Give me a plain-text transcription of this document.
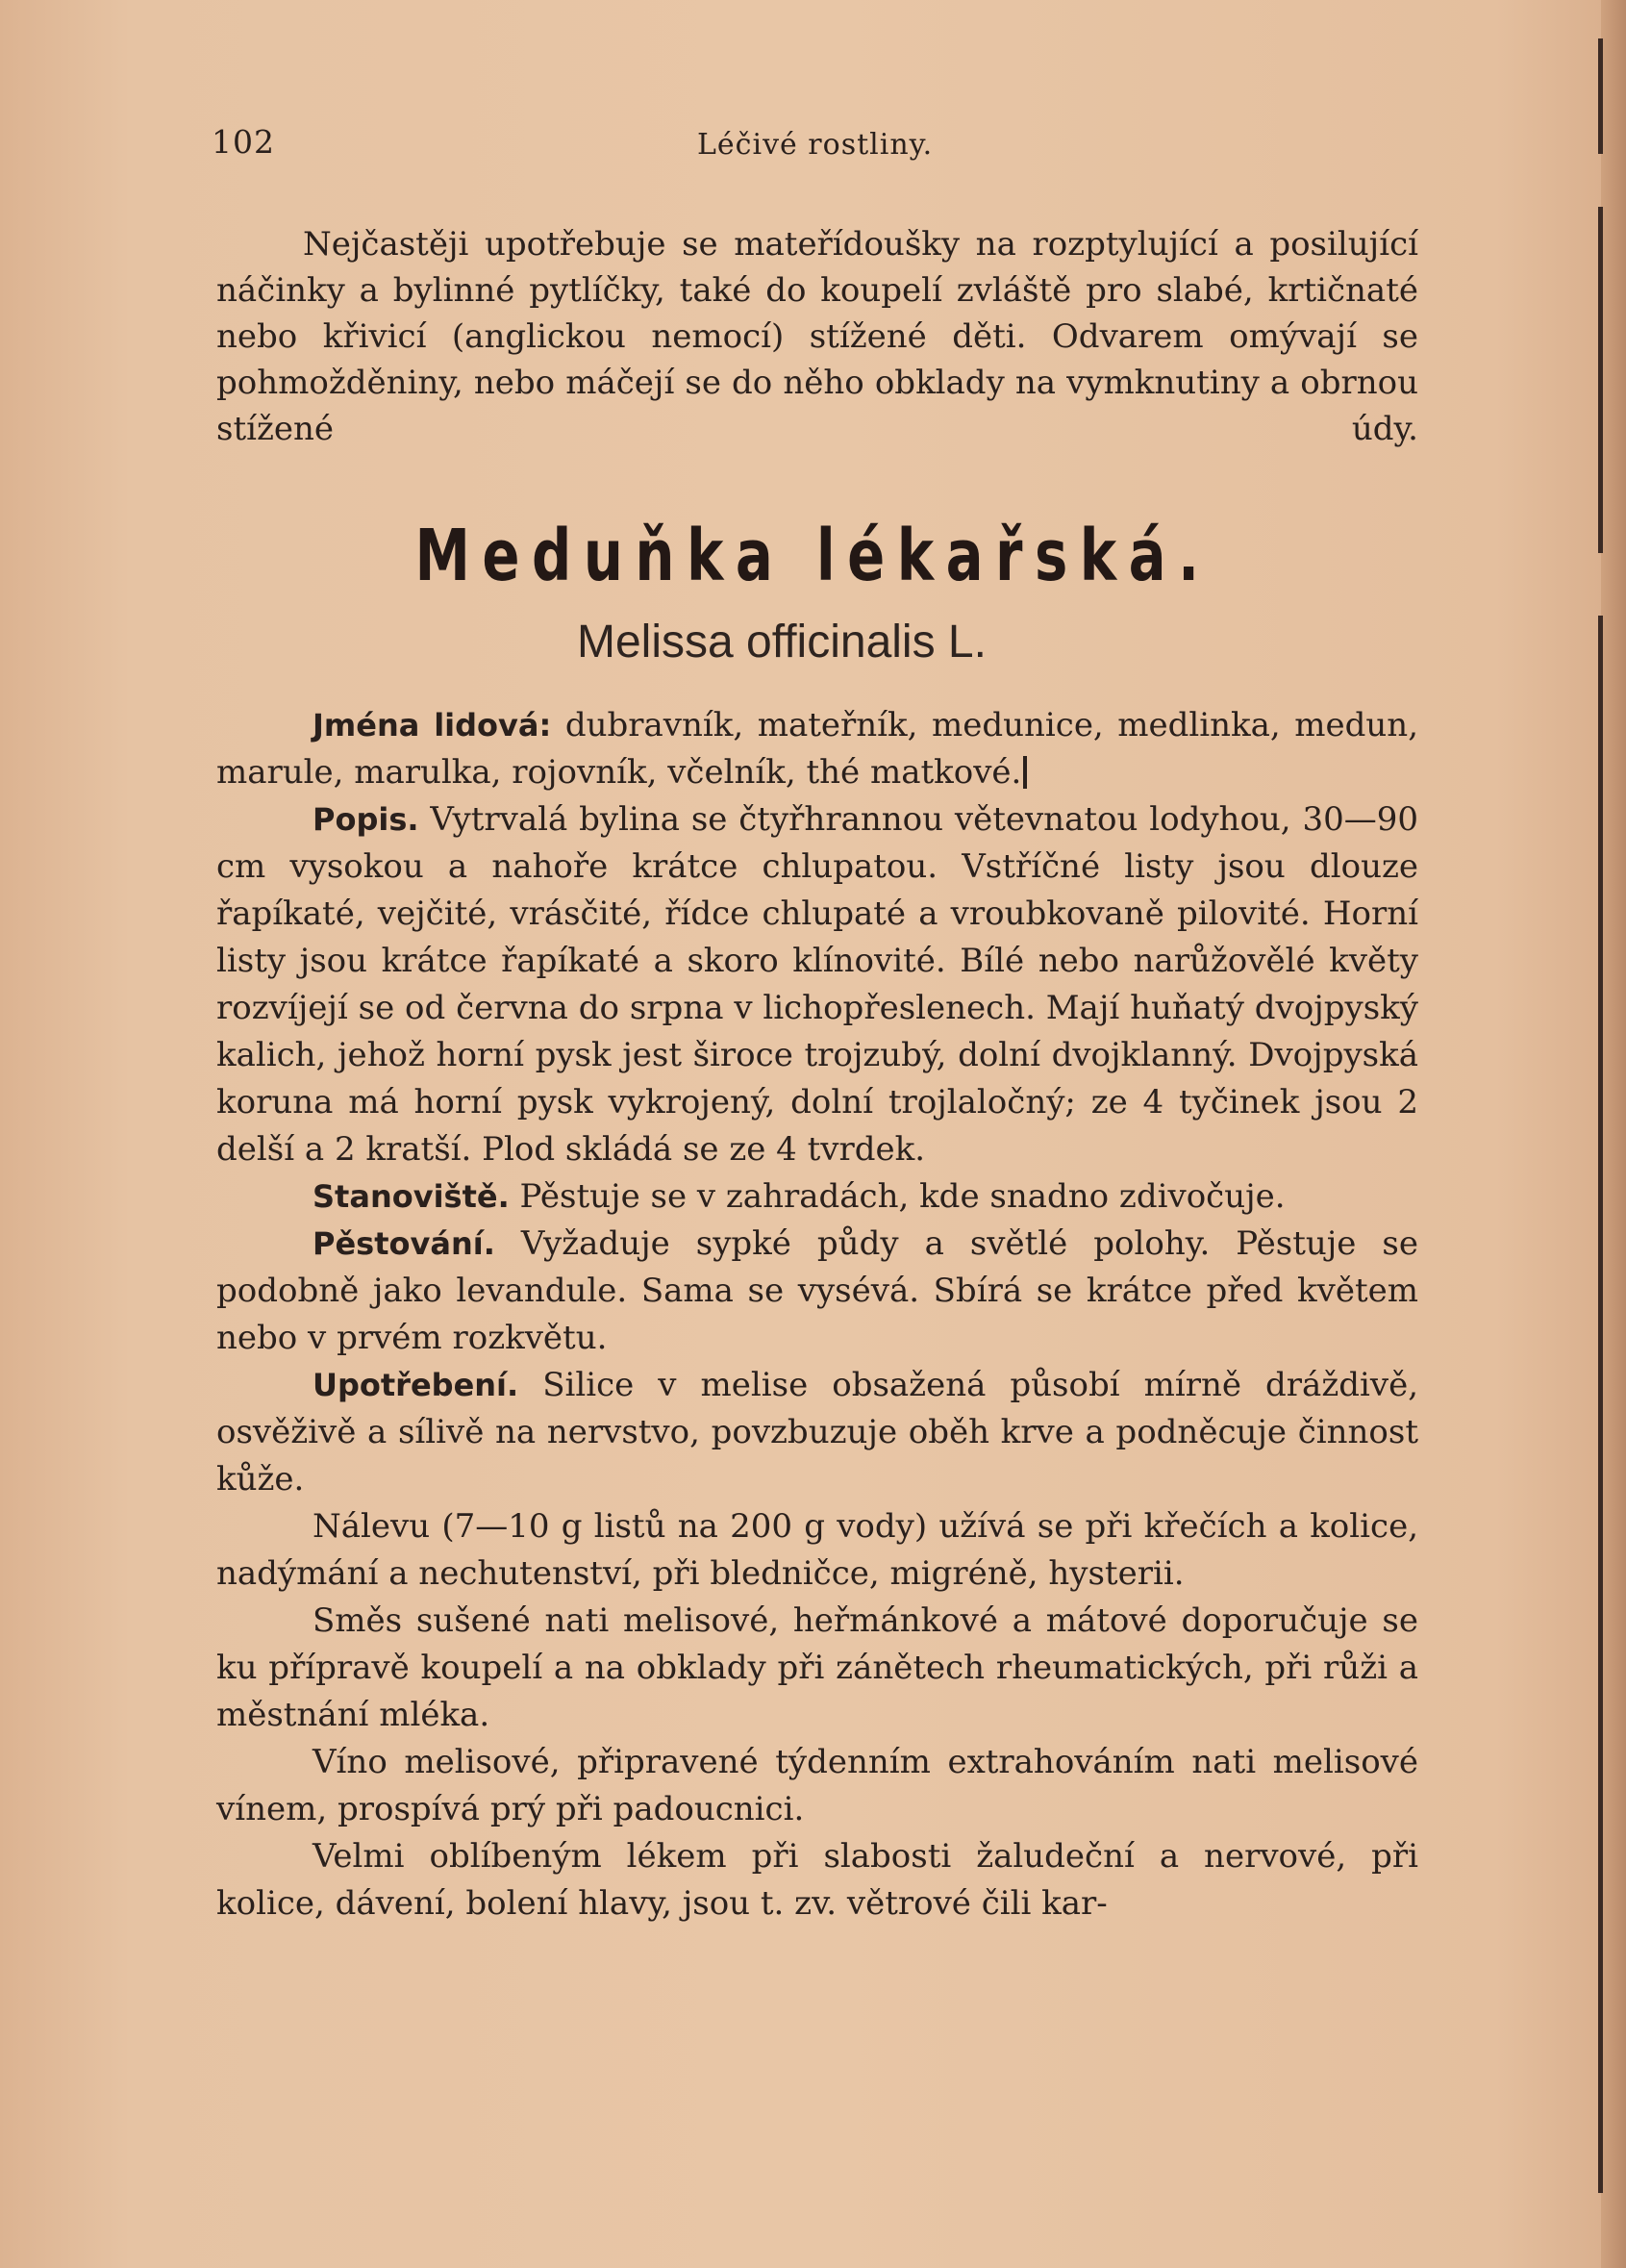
102	Léčivé rostliny.
Nejčastěji upotřebuje se mateřídoušky na rozptylující a posilující náčinky a bylinné pytlíčky, také do koupelí zvláště pro slabé, krtičnaté nebo křivicí (anglickou nemocí) stížené děti. Odvarem omývají se pohmožděniny, nebo máčejí se do něho obklady na vymknutiny a obrnou stížené údy.
Meduňka lékařská.
Melissa officinalis L.

Jména lidová: dubravník, mateřník, medunice, medlinka, medun, marule, marulka, rojovník, včelník, thé matkové.

Popis. Vytrvalá bylina se čtyřhrannou větevnatou lodyhou, 30—90 cm vysokou a nahoře krátce chlupatou. Vstříčné listy jsou dlouze řapíkaté, vejčité, vrásčité, řídce chlupaté a vroubkovaně pilovité. Horní listy jsou krátce řapíkaté a skoro klínovité. Bílé nebo narůžovělé květy rozvíjejí se od června do srpna v lichopřeslenech. Mají huňatý dvojpyský kalich, jehož horní pysk jest široce trojzubý, dolní dvojklanný. Dvojpyská koruna má horní pysk vykrojený, dolní trojlaločný; ze 4 tyčinek jsou 2 delší a 2 kratší. Plod skládá se ze 4 tvrdek.

Stanoviště. Pěstuje se v zahradách, kde snadno zdivočuje.

Pěstování. Vyžaduje sypké půdy a světlé polohy. Pěstuje se podobně jako levandule. Sama se vysévá. Sbírá se krátce před květem nebo v prvém rozkvětu.

Upotřebení. Silice v melise obsažená působí mírně dráždivě, osvěživě a sílivě na nervstvo, povzbuzuje oběh krve a podněcuje činnost kůže.

Nálevu (7—10 g listů na 200 g vody) užívá se při křečích a kolice, nadýmání a nechutenství, při bledničce, migréně, hysterii.

Směs sušené nati melisové, heřmánkové a mátové doporučuje se ku přípravě koupelí a na obklady při zánětech rheumatických, při růži a městnání mléka.

Víno melisové, připravené týdenním extrahováním nati melisové vínem, prospívá prý při padoucnici.

Velmi oblíbeným lékem při slabosti žaludeční a nervové, při kolice, dávení, bolení hlavy, jsou t. zv. větrové čili kar-
